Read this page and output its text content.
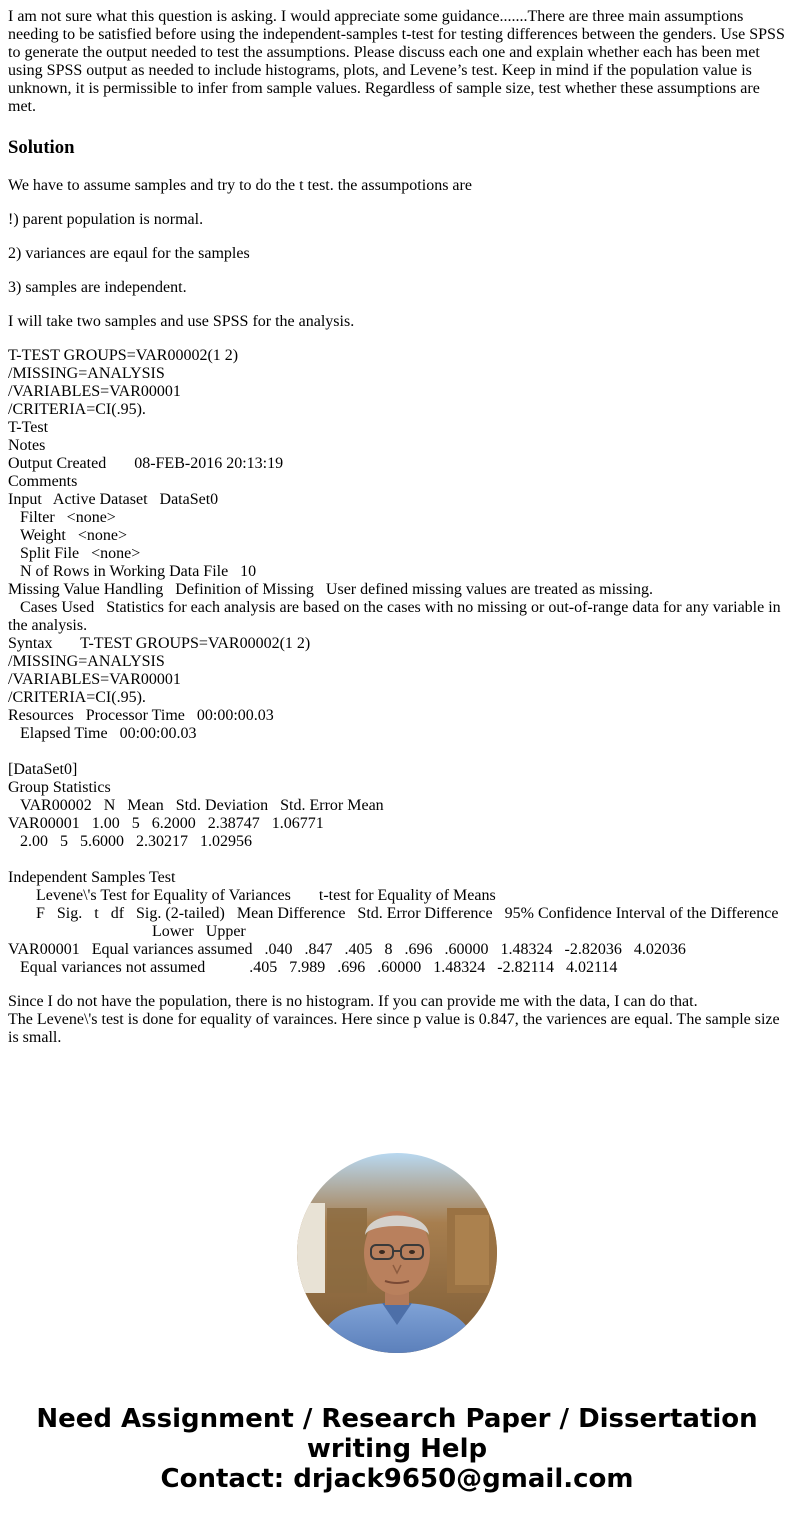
I am not sure what this question is asking. I would appreciate some guidance.......There are three main assumptions needing to be satisfied before using the independent-samples t-test for testing differences between the genders. Use SPSS to generate the output needed to test the assumptions. Please discuss each one and explain whether each has been met using SPSS output as needed to include histograms, plots, and Levene’s test. Keep in mind if the population value is unknown, it is permissible to infer from sample values. Regardless of sample size, test whether these assumptions are met.

Solution

We have to assume samples and try to do the t test. the assumpotions are

!) parent population is normal.

2) variances are eqaul for the samples

3) samples are independent.

I will take two samples and use SPSS for the analysis.

T-TEST GROUPS=VAR00002(1 2)
/MISSING=ANALYSIS
/VARIABLES=VAR00001
/CRITERIA=CI(.95).
T-Test
Notes
Output Created       08-FEB-2016 20:13:19
Comments
Input   Active Dataset   DataSet0
Filter   <none>
Weight   <none>
Split File   <none>
N of Rows in Working Data File   10
Missing Value Handling   Definition of Missing   User defined missing values are treated as missing.
Cases Used   Statistics for each analysis are based on the cases with no missing or out-of-range data for any variable in the analysis.
Syntax       T-TEST GROUPS=VAR00002(1 2)
/MISSING=ANALYSIS
/VARIABLES=VAR00001
/CRITERIA=CI(.95).
Resources   Processor Time   00:00:00.03
Elapsed Time   00:00:00.03
[DataSet0]
Group Statistics
VAR00002   N   Mean   Std. Deviation   Std. Error Mean
VAR00001   1.00   5   6.2000   2.38747   1.06771
2.00   5   5.6000   2.30217   1.02956
Independent Samples Test
Levene\'s Test for Equality of Variances       t-test for Equality of Means
F   Sig.   t   df   Sig. (2-tailed)   Mean Difference   Std. Error Difference   95% Confidence Interval of the Difference
Lower   Upper
VAR00001   Equal variances assumed   .040   .847   .405   8   .696   .60000   1.48324   -2.82036   4.02036
Equal variances not assumed           .405   7.989   .696   .60000   1.48324   -2.82114   4.02114

Since I do not have the population, there is no histogram. If you can provide me with the data, I can do that.

The Levene\'s test is done for equality of varainces. Here since p value is 0.847, the variences are equal. The sample size is small.

Need Assignment / Research Paper / Dissertation
writing Help
Contact: drjack9650@gmail.com
